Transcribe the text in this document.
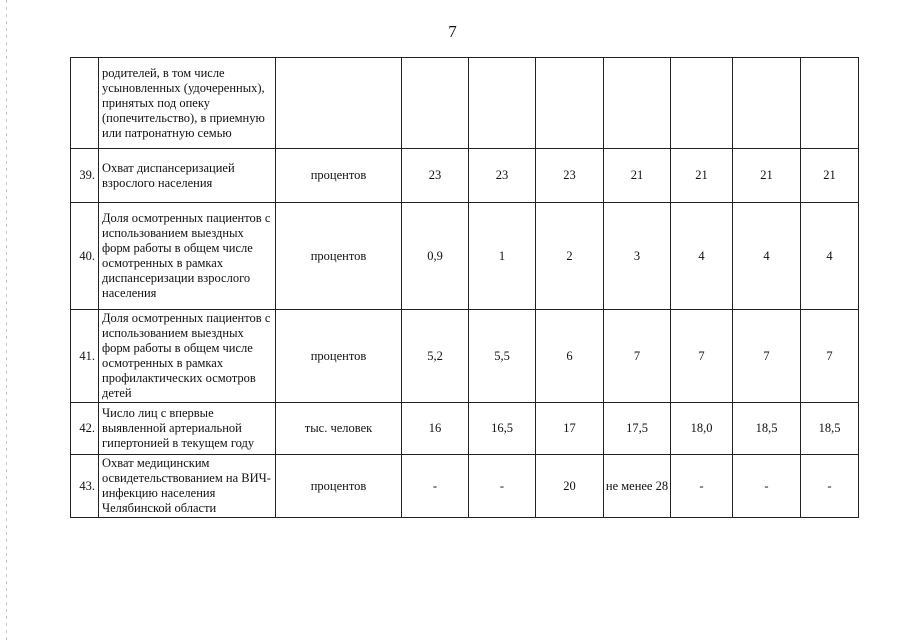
7
	родителей, в том числе усыновленных (удочеренных), принятых под опеку (попечительство), в приемную или патронатную семью								
39.	Охват диспансеризацией взрослого населения	процентов	23	23	23	21	21	21	21
40.	Доля осмотренных пациентов с использованием выездных форм работы в общем числе осмотренных в рамках диспансеризации взрослого населения	процентов	0,9	1	2	3	4	4	4
41.	Доля осмотренных пациентов с использованием выездных форм работы в общем числе осмотренных в рамках профилактических осмотров детей	процентов	5,2	5,5	6	7	7	7	7
42.	Число лиц с впервые выявленной артериальной гипертонией в текущем году	тыс. человек	16	16,5	17	17,5	18,0	18,5	18,5
43.	Охват медицинским освидетельствованием на ВИЧ-инфекцию населения Челябинской области	процентов	-	-	20	не менее 28	-	-	-
